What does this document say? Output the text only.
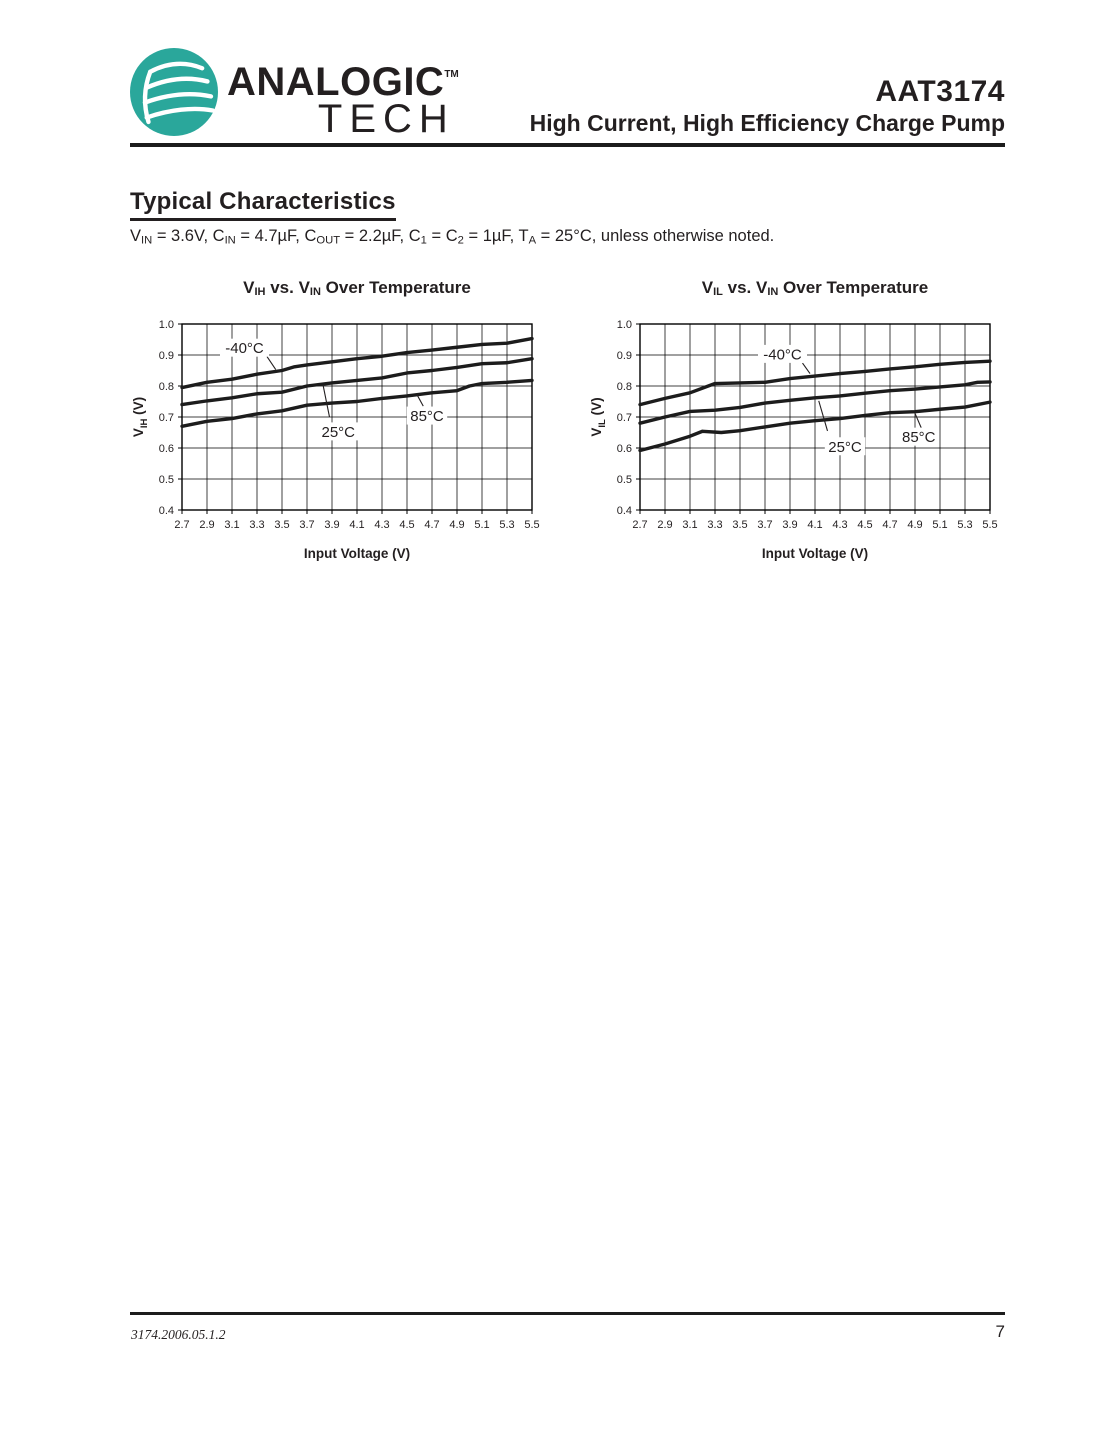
ANALOGIC™
TECH
AAT3174
High Current, High Efficiency Charge Pump
Typical Characteristics
VIN = 3.6V, CIN = 4.7µF, COUT = 2.2µF, C1 = C2 = 1µF, TA = 25°C, unless otherwise noted.
VIH vs. VIN Over Temperature
2.7 2.9 3.1 3.3 3.5 3.7 3.9 4.1 4.3 4.5 4.7 4.9 5.1 5.3 5.5
0.4
0.5
0.6
0.7
0.8
0.9
1.0
Input Voltage (V)
$V_{IH}$ $^{(V)}$
-40°C
25°C
85°C
VIL vs. VIN Over Temperature
2.7 2.9 3.1 3.3 3.5 3.7 3.9 4.1 4.3 4.5 4.7 4.9 5.1 5.3 5.5
0.4
0.5
0.6
0.7
0.8
0.9
1.0
Input Voltage (V)
$V_{IL}$ $^{(V)}$
-40°C
25°C
85°C
3174.2006.05.1.2	7
